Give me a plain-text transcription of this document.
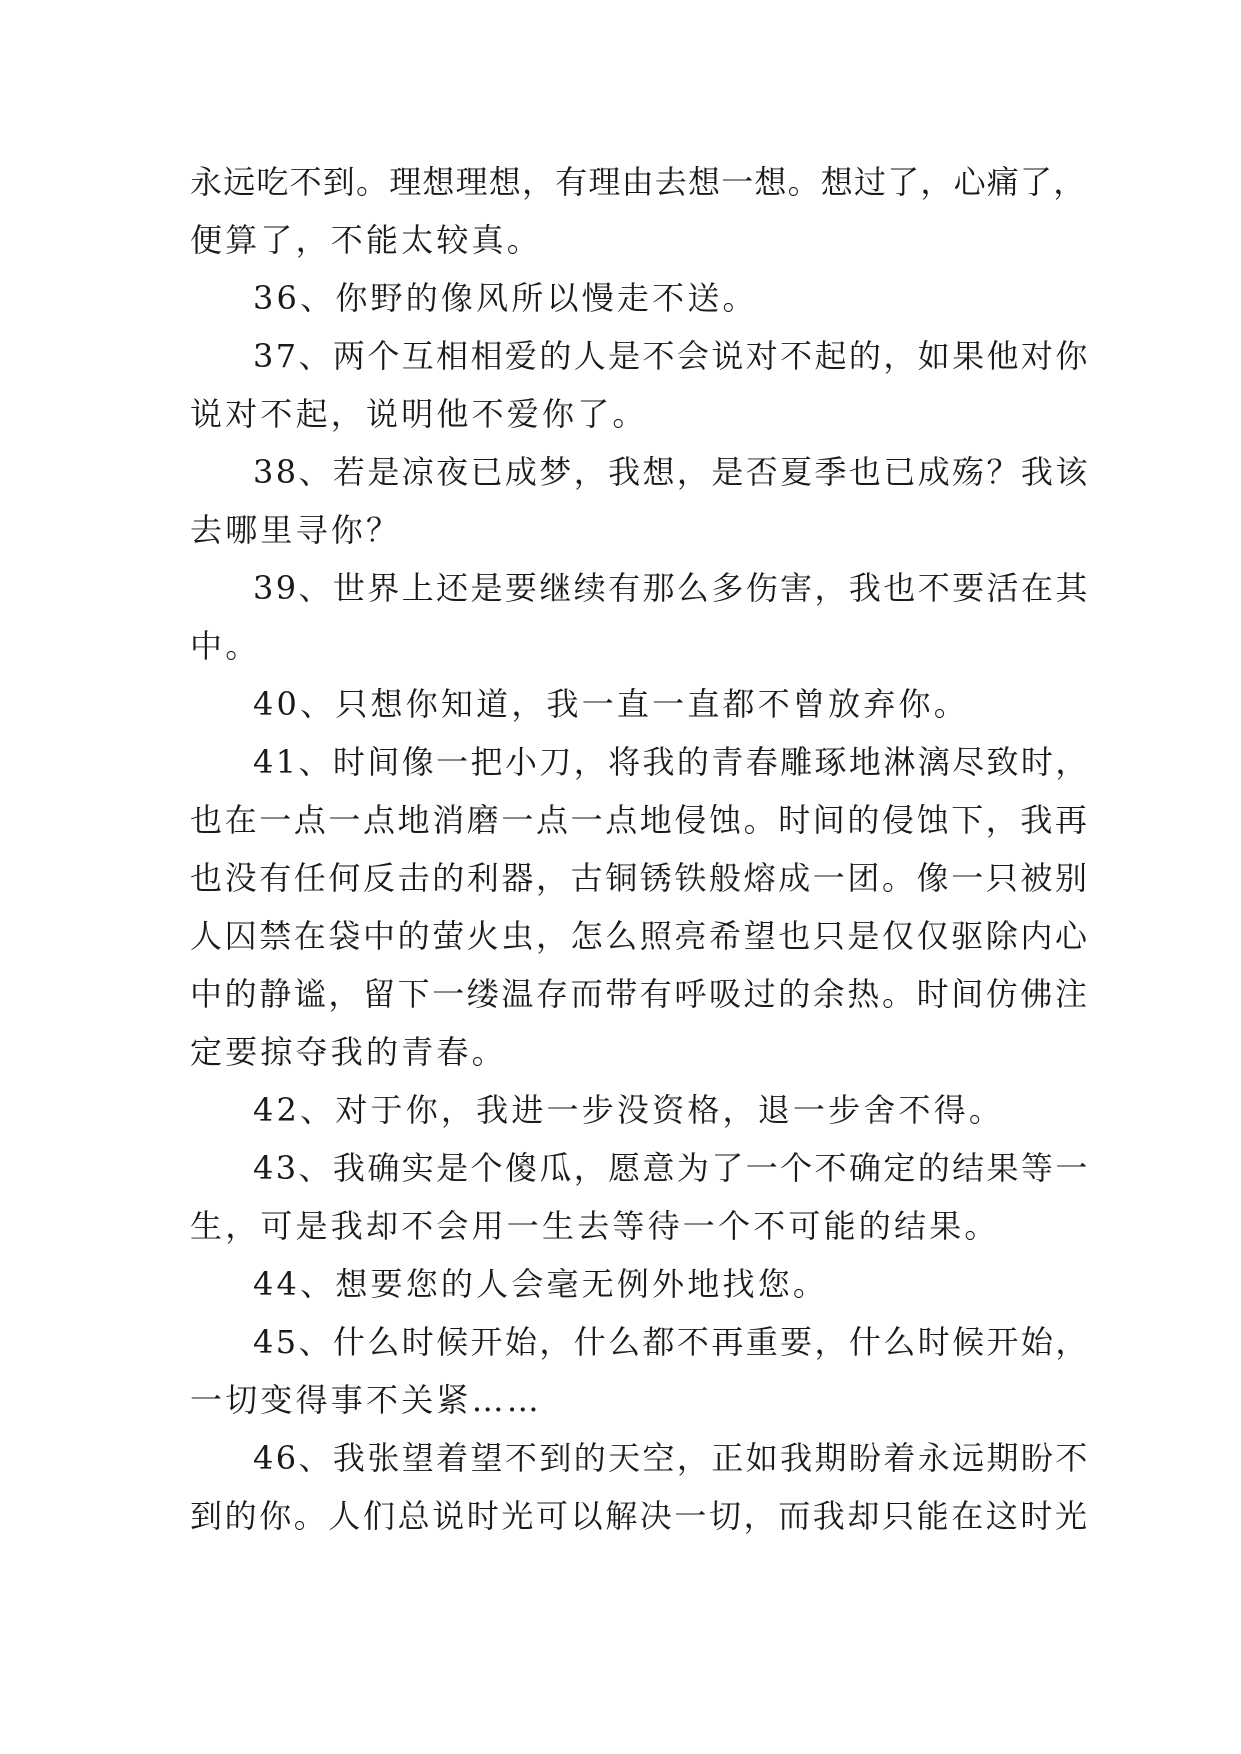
永远吃不到。理想理想，有理由去想一想。想过了，心痛了，
便算了，不能太较真。
36、你野的像风所以慢走不送。
37、两个互相相爱的人是不会说对不起的，如果他对你
说对不起，说明他不爱你了。
38、若是凉夜已成梦，我想，是否夏季也已成殇？我该
去哪里寻你？
39、世界上还是要继续有那么多伤害，我也不要活在其
中。
40、只想你知道，我一直一直都不曾放弃你。
41、时间像一把小刀，将我的青春雕琢地淋漓尽致时，
也在一点一点地消磨一点一点地侵蚀。时间的侵蚀下，我再
也没有任何反击的利器，古铜锈铁般熔成一团。像一只被别
人囚禁在袋中的萤火虫，怎么照亮希望也只是仅仅驱除内心
中的静谧，留下一缕温存而带有呼吸过的余热。时间仿佛注
定要掠夺我的青春。
42、对于你，我进一步没资格，退一步舍不得。
43、我确实是个傻瓜，愿意为了一个不确定的结果等一
生，可是我却不会用一生去等待一个不可能的结果。
44、想要您的人会毫无例外地找您。
45、什么时候开始，什么都不再重要，什么时候开始，
一切变得事不关紧……
46、我张望着望不到的天空，正如我期盼着永远期盼不
到的你。人们总说时光可以解决一切，而我却只能在这时光
